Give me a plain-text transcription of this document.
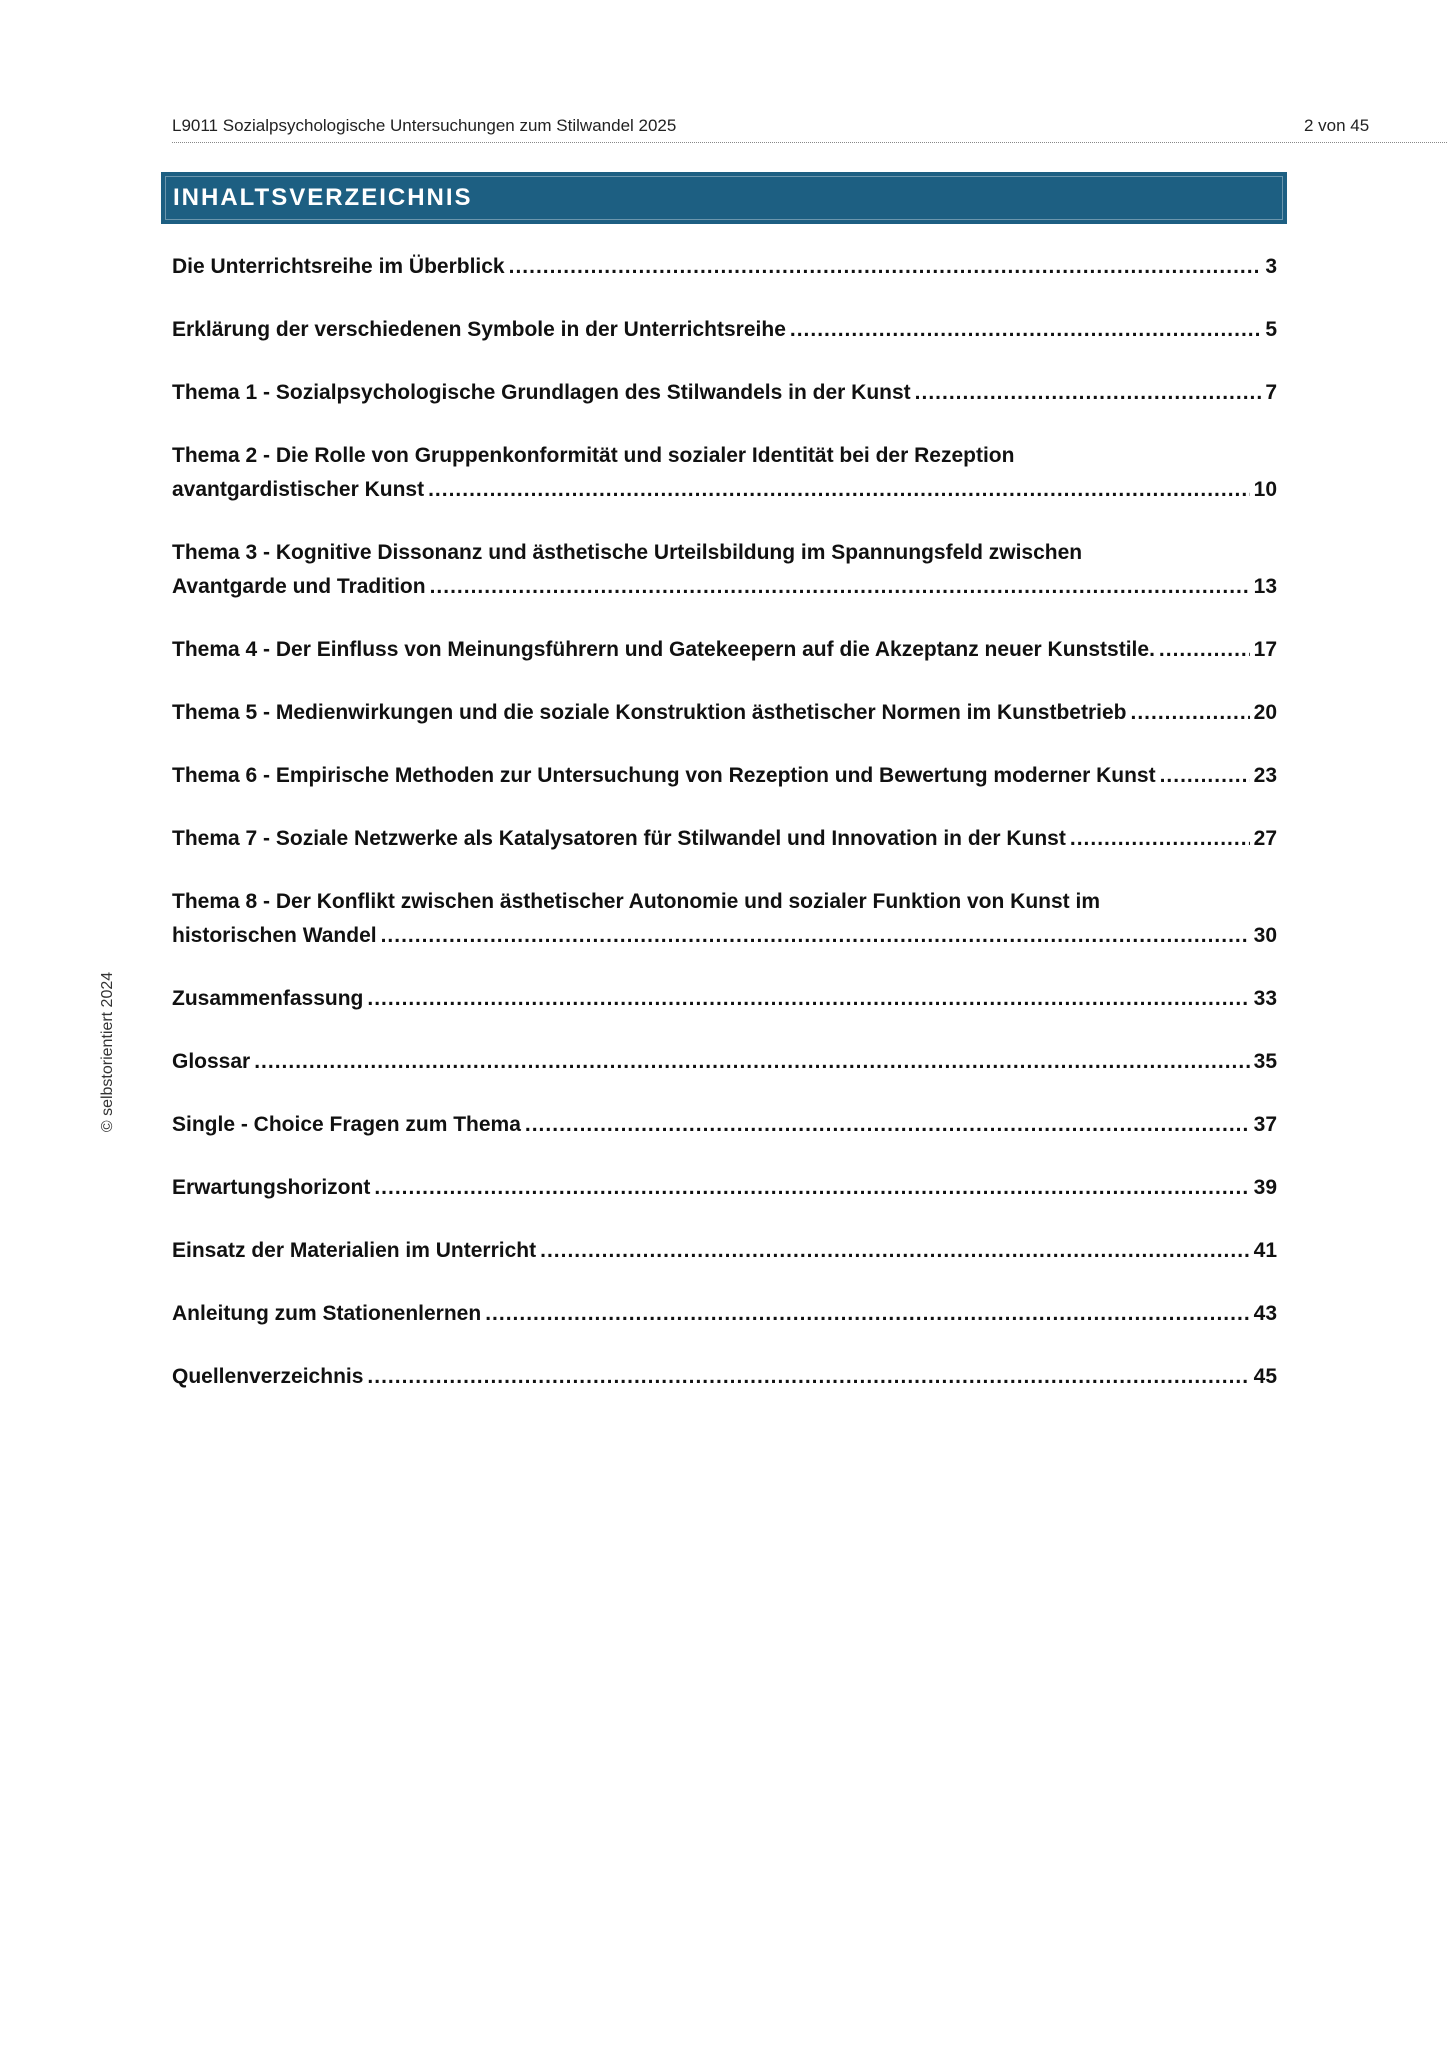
L9011 Sozialpsychologische Untersuchungen zum Stilwandel 2025	2 von 45
© selbstorientiert 2024
INHALTSVERZEICHNIS
Die Unterrichtsreihe im Überblick .....	3
Erklärung der verschiedenen Symbole in der Unterrichtsreihe .....	5
Thema 1 - Sozialpsychologische Grundlagen des Stilwandels in der Kunst .....	7
Thema 2 - Die Rolle von Gruppenkonformität und sozialer Identität bei der Rezeption
avantgardistischer Kunst .....	10
Thema 3 - Kognitive Dissonanz und ästhetische Urteilsbildung im Spannungsfeld zwischen
Avantgarde und Tradition .....	13
Thema 4 - Der Einfluss von Meinungsführern und Gatekeepern auf die Akzeptanz neuer Kunststile. .....	17
Thema 5 - Medienwirkungen und die soziale Konstruktion ästhetischer Normen im Kunstbetrieb .....	20
Thema 6 - Empirische Methoden zur Untersuchung von Rezeption und Bewertung moderner Kunst .....	23
Thema 7 - Soziale Netzwerke als Katalysatoren für Stilwandel und Innovation in der Kunst .....	27
Thema 8 - Der Konflikt zwischen ästhetischer Autonomie und sozialer Funktion von Kunst im
historischen Wandel .....	30
Zusammenfassung .....	33
Glossar .....	35
Single - Choice Fragen zum Thema .....	37
Erwartungshorizont .....	39
Einsatz der Materialien im Unterricht .....	41
Anleitung zum Stationenlernen .....	43
Quellenverzeichnis .....	45
